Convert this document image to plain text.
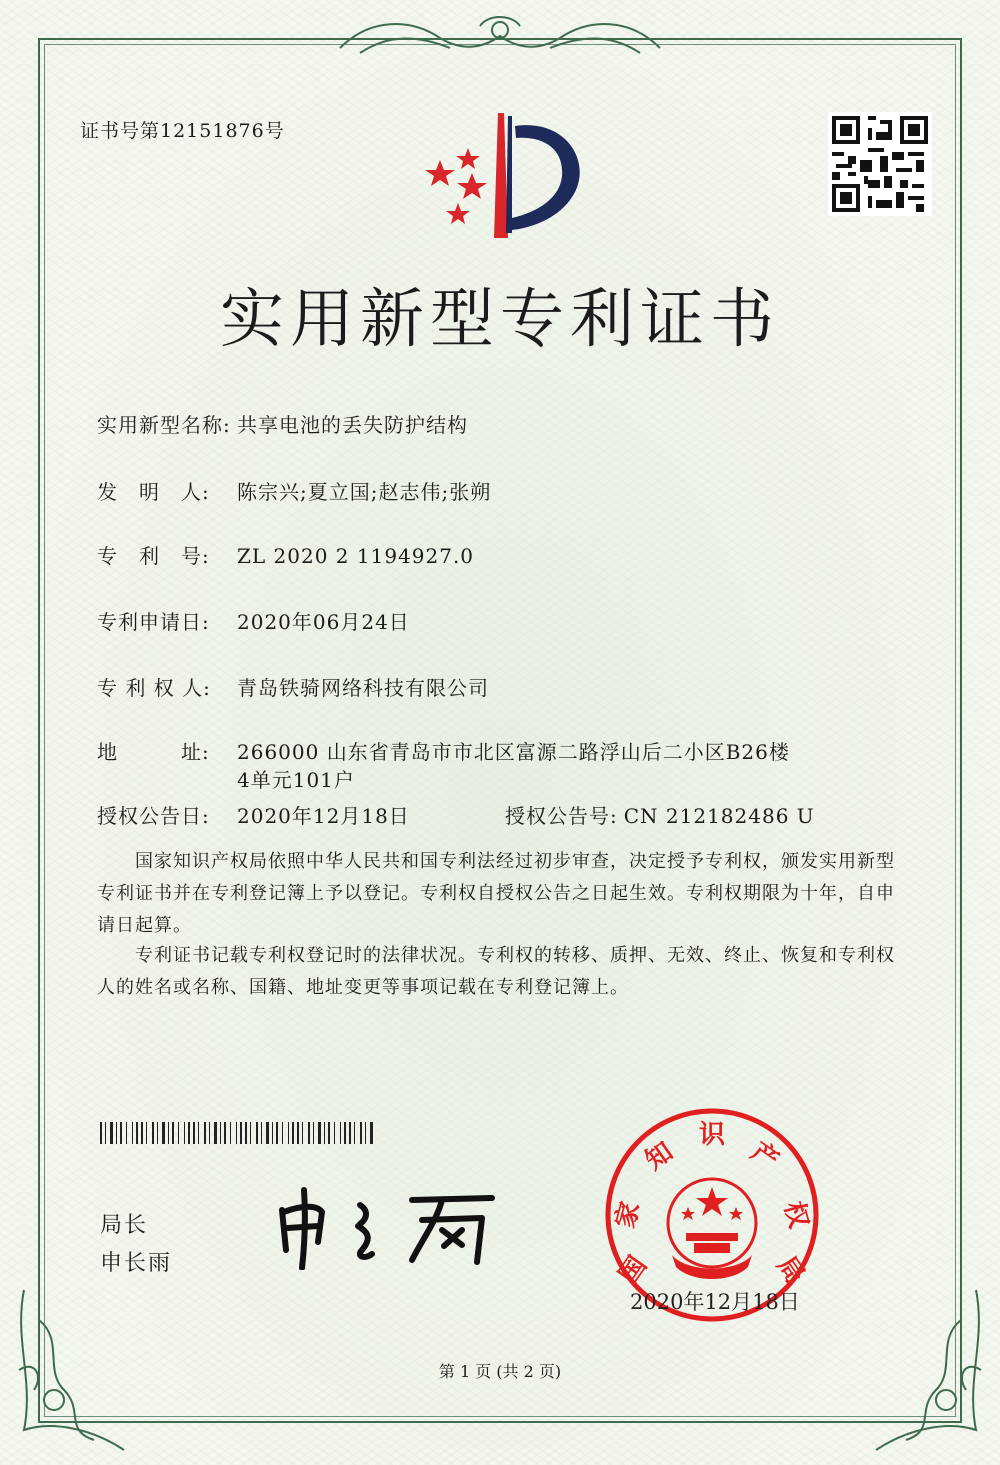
证书号第12151876号
实用新型专利证书
实用新型名称: 共享电池的丢失防护结构
发　明　人: 陈宗兴;夏立国;赵志伟;张朔
专　利　号: ZL 2020 2 1194927.0
专利申请日: 2020年06月24日
专 利 权 人: 青岛铁骑网络科技有限公司
地　　　址: 266000 山东省青岛市市北区富源二路浮山后二小区B26楼
4单元101户
授权公告日: 2020年12月18日	授权公告号: CN 212182486 U
国家知识产权局依照中华人民共和国专利法经过初步审查，决定授予专利权，颁发实用新型专利证书并在专利登记簿上予以登记。专利权自授权公告之日起生效。专利权期限为十年，自申请日起算。
专利证书记载专利权登记时的法律状况。专利权的转移、质押、无效、终止、恢复和专利权人的姓名或名称、国籍、地址变更等事项记载在专利登记簿上。
局长
申长雨	国
家
知
识
产
权
局
2020年12月18日
第 1 页 (共 2 页)
